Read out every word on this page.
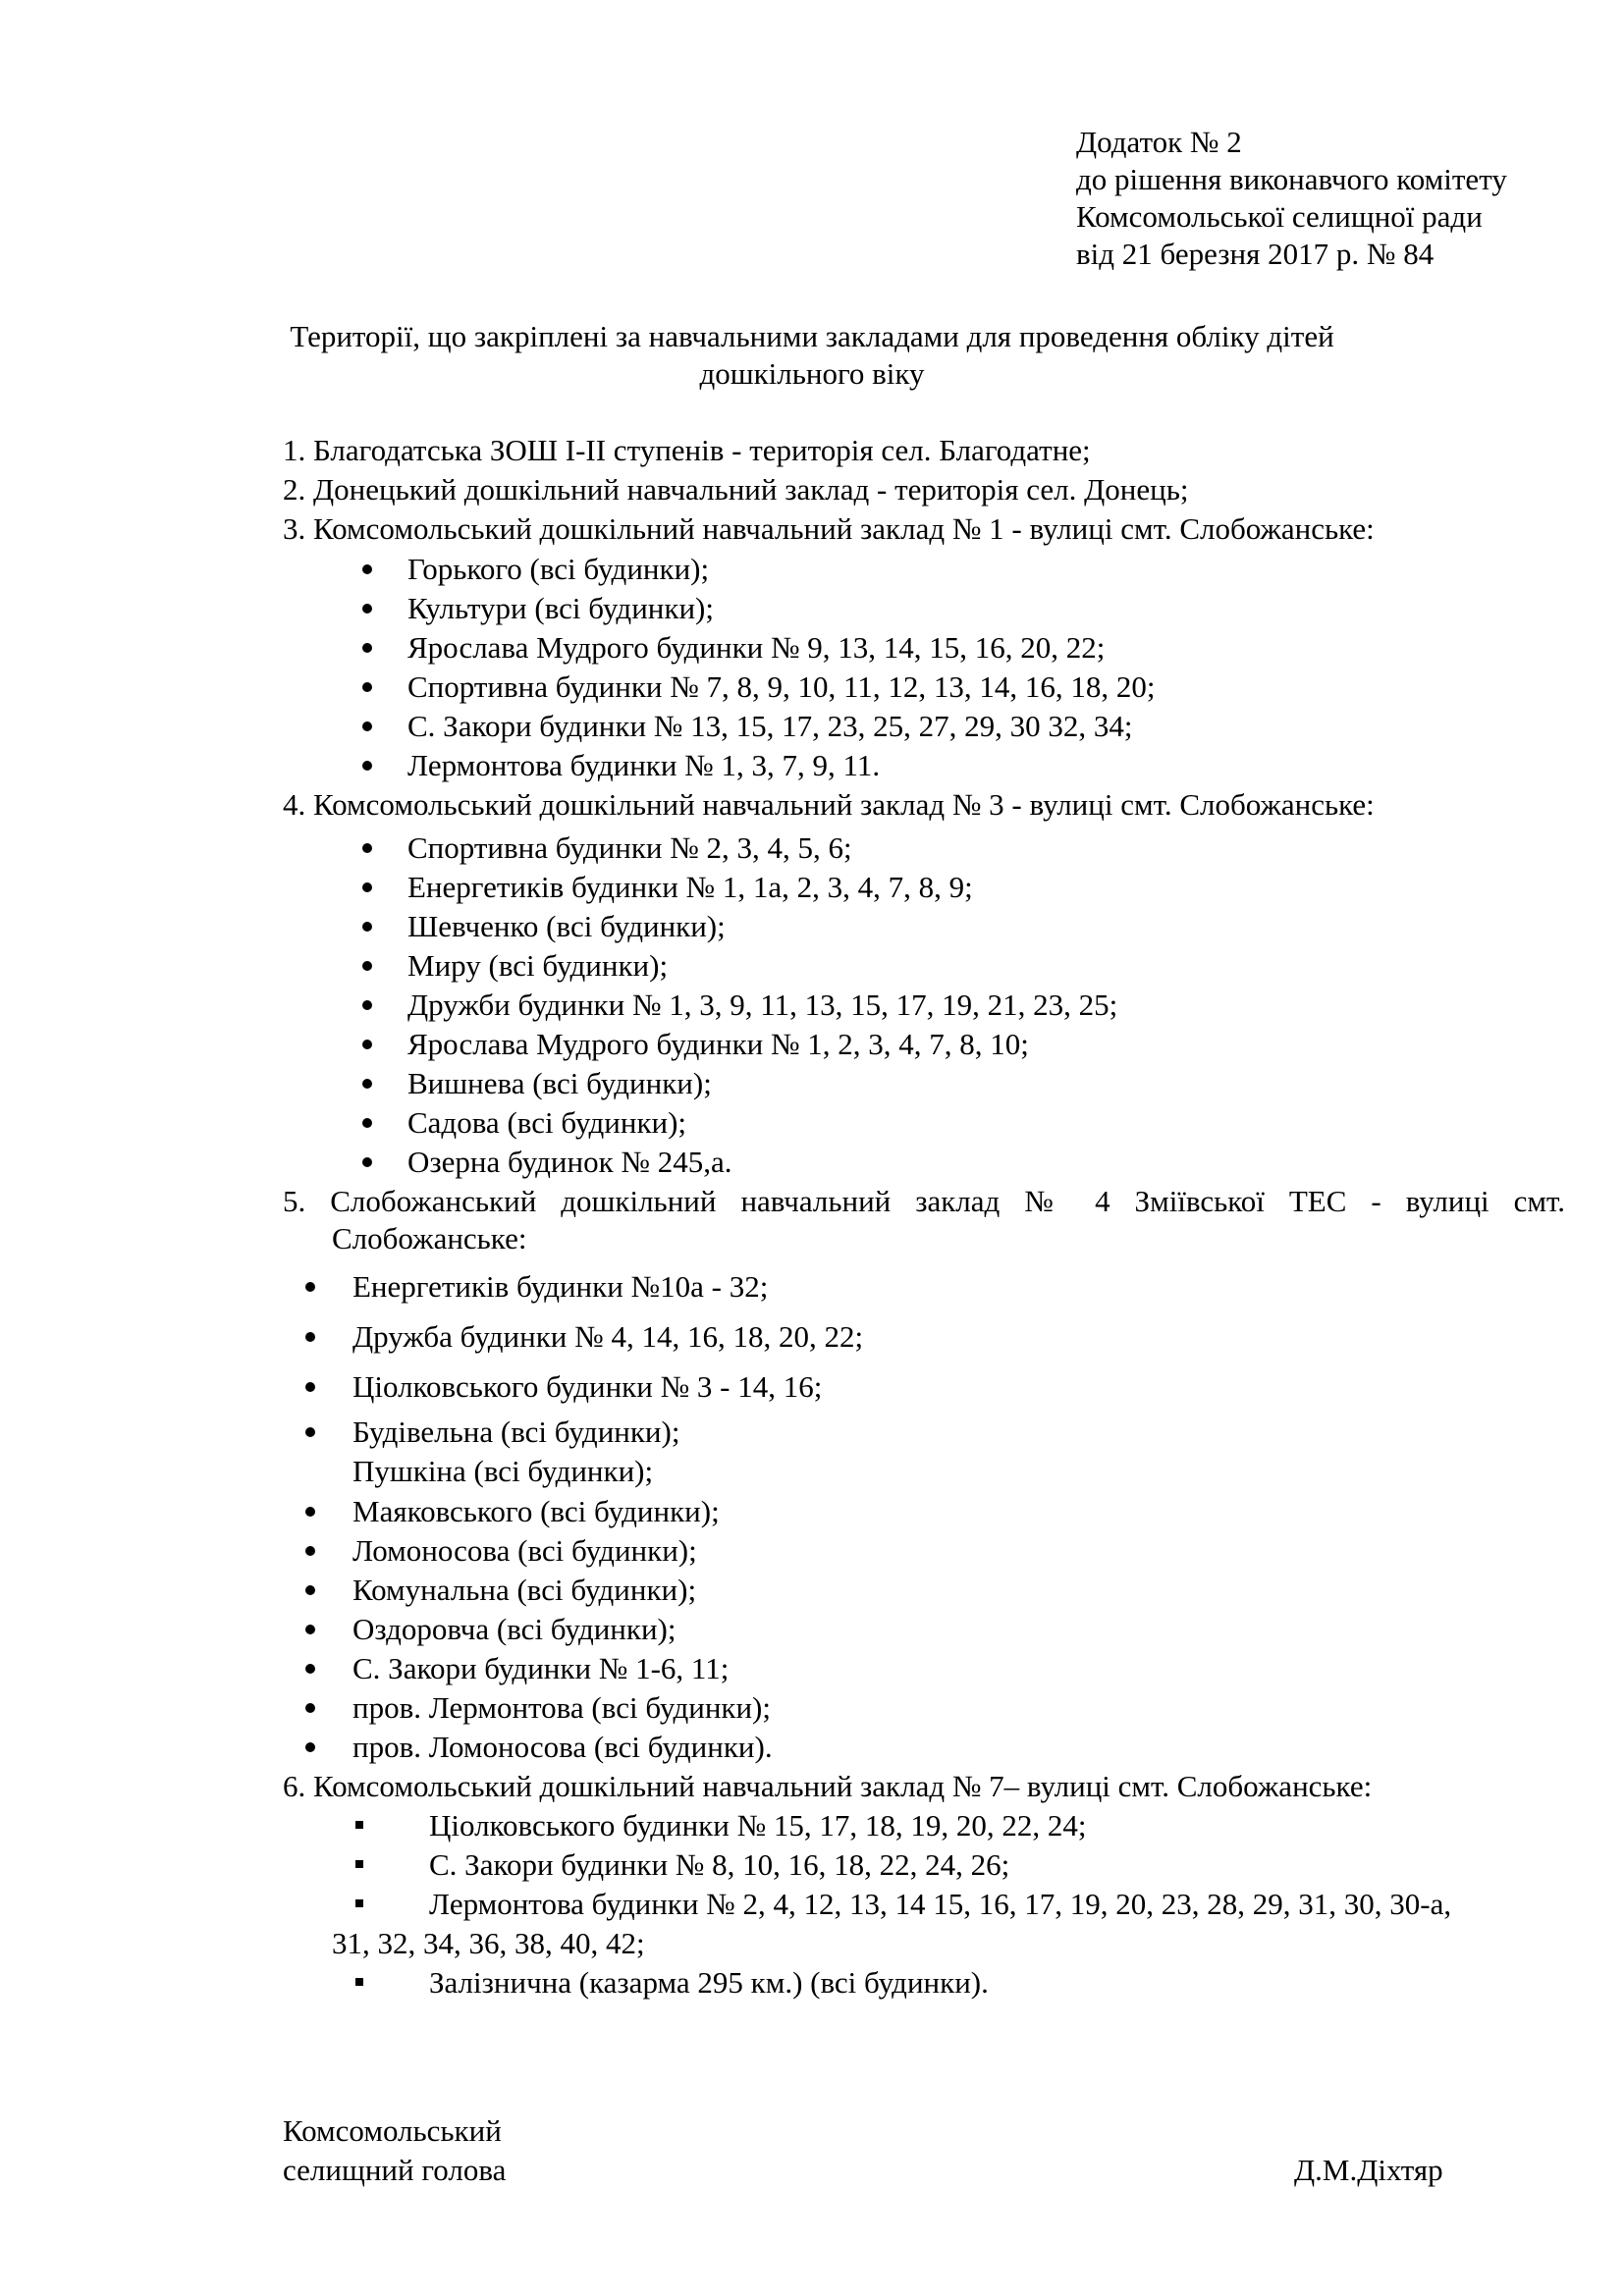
Додаток № 2
до рішення виконавчого комітету
Комсомольської селищної ради
від 21 березня 2017 р. № 84
Території, що закріплені за навчальними закладами для проведення обліку дітей
дошкільного віку
1. Благодатська ЗОШ І-ІІ ступенів - територія сел. Благодатне;
2. Донецький дошкільний навчальний заклад - територія сел. Донець;
3. Комсомольський дошкільний навчальний заклад № 1 - вулиці смт. Слобожанське:
Горького (всі будинки);
Культури (всі будинки);
Ярослава Мудрого будинки № 9, 13, 14, 15, 16, 20, 22;
Спортивна будинки № 7, 8, 9, 10, 11, 12, 13, 14, 16, 18, 20;
С. Закори будинки № 13, 15, 17, 23, 25, 27, 29, 30 32, 34;
Лермонтова будинки № 1, 3, 7, 9, 11.
4. Комсомольський дошкільний навчальний заклад № 3 - вулиці смт. Слобожанське:
Спортивна будинки № 2, 3, 4, 5, 6;
Енергетиків будинки № 1, 1а, 2, 3, 4, 7, 8, 9;
Шевченко (всі будинки);
Миру (всі будинки);
Дружби будинки № 1, 3, 9, 11, 13, 15, 17, 19, 21, 23, 25;
Ярослава Мудрого будинки № 1, 2, 3, 4, 7, 8, 10;
Вишнева (всі будинки);
Садова (всі будинки);
Озерна будинок № 245,а.
5. Слобожанський дошкільний навчальний заклад № 4 Зміївської ТЕС - вулиці смт.
Слобожанське:
Енергетиків будинки №10а - 32;
Дружба будинки № 4, 14, 16, 18, 20, 22;
Ціолковського будинки № 3 - 14, 16;
Будівельна (всі будинки);
Пушкіна (всі будинки);
Маяковського (всі будинки);
Ломоносова (всі будинки);
Комунальна (всі будинки);
Оздоровча (всі будинки);
С. Закори будинки № 1-6, 11;
пров. Лермонтова (всі будинки);
пров. Ломоносова (всі будинки).
6. Комсомольський дошкільний навчальний заклад № 7– вулиці смт. Слобожанське:
Ціолковського будинки № 15, 17, 18, 19, 20, 22, 24;
С. Закори будинки № 8, 10, 16, 18, 22, 24, 26;
Лермонтова будинки № 2, 4, 12, 13, 14 15, 16, 17, 19, 20, 23, 28, 29, 31, 30, 30-а,
31, 32, 34, 36, 38, 40, 42;
Залізнична (казарма 295 км.) (всі будинки).
Комсомольський
селищний голова	Д.М.Діхтяр
